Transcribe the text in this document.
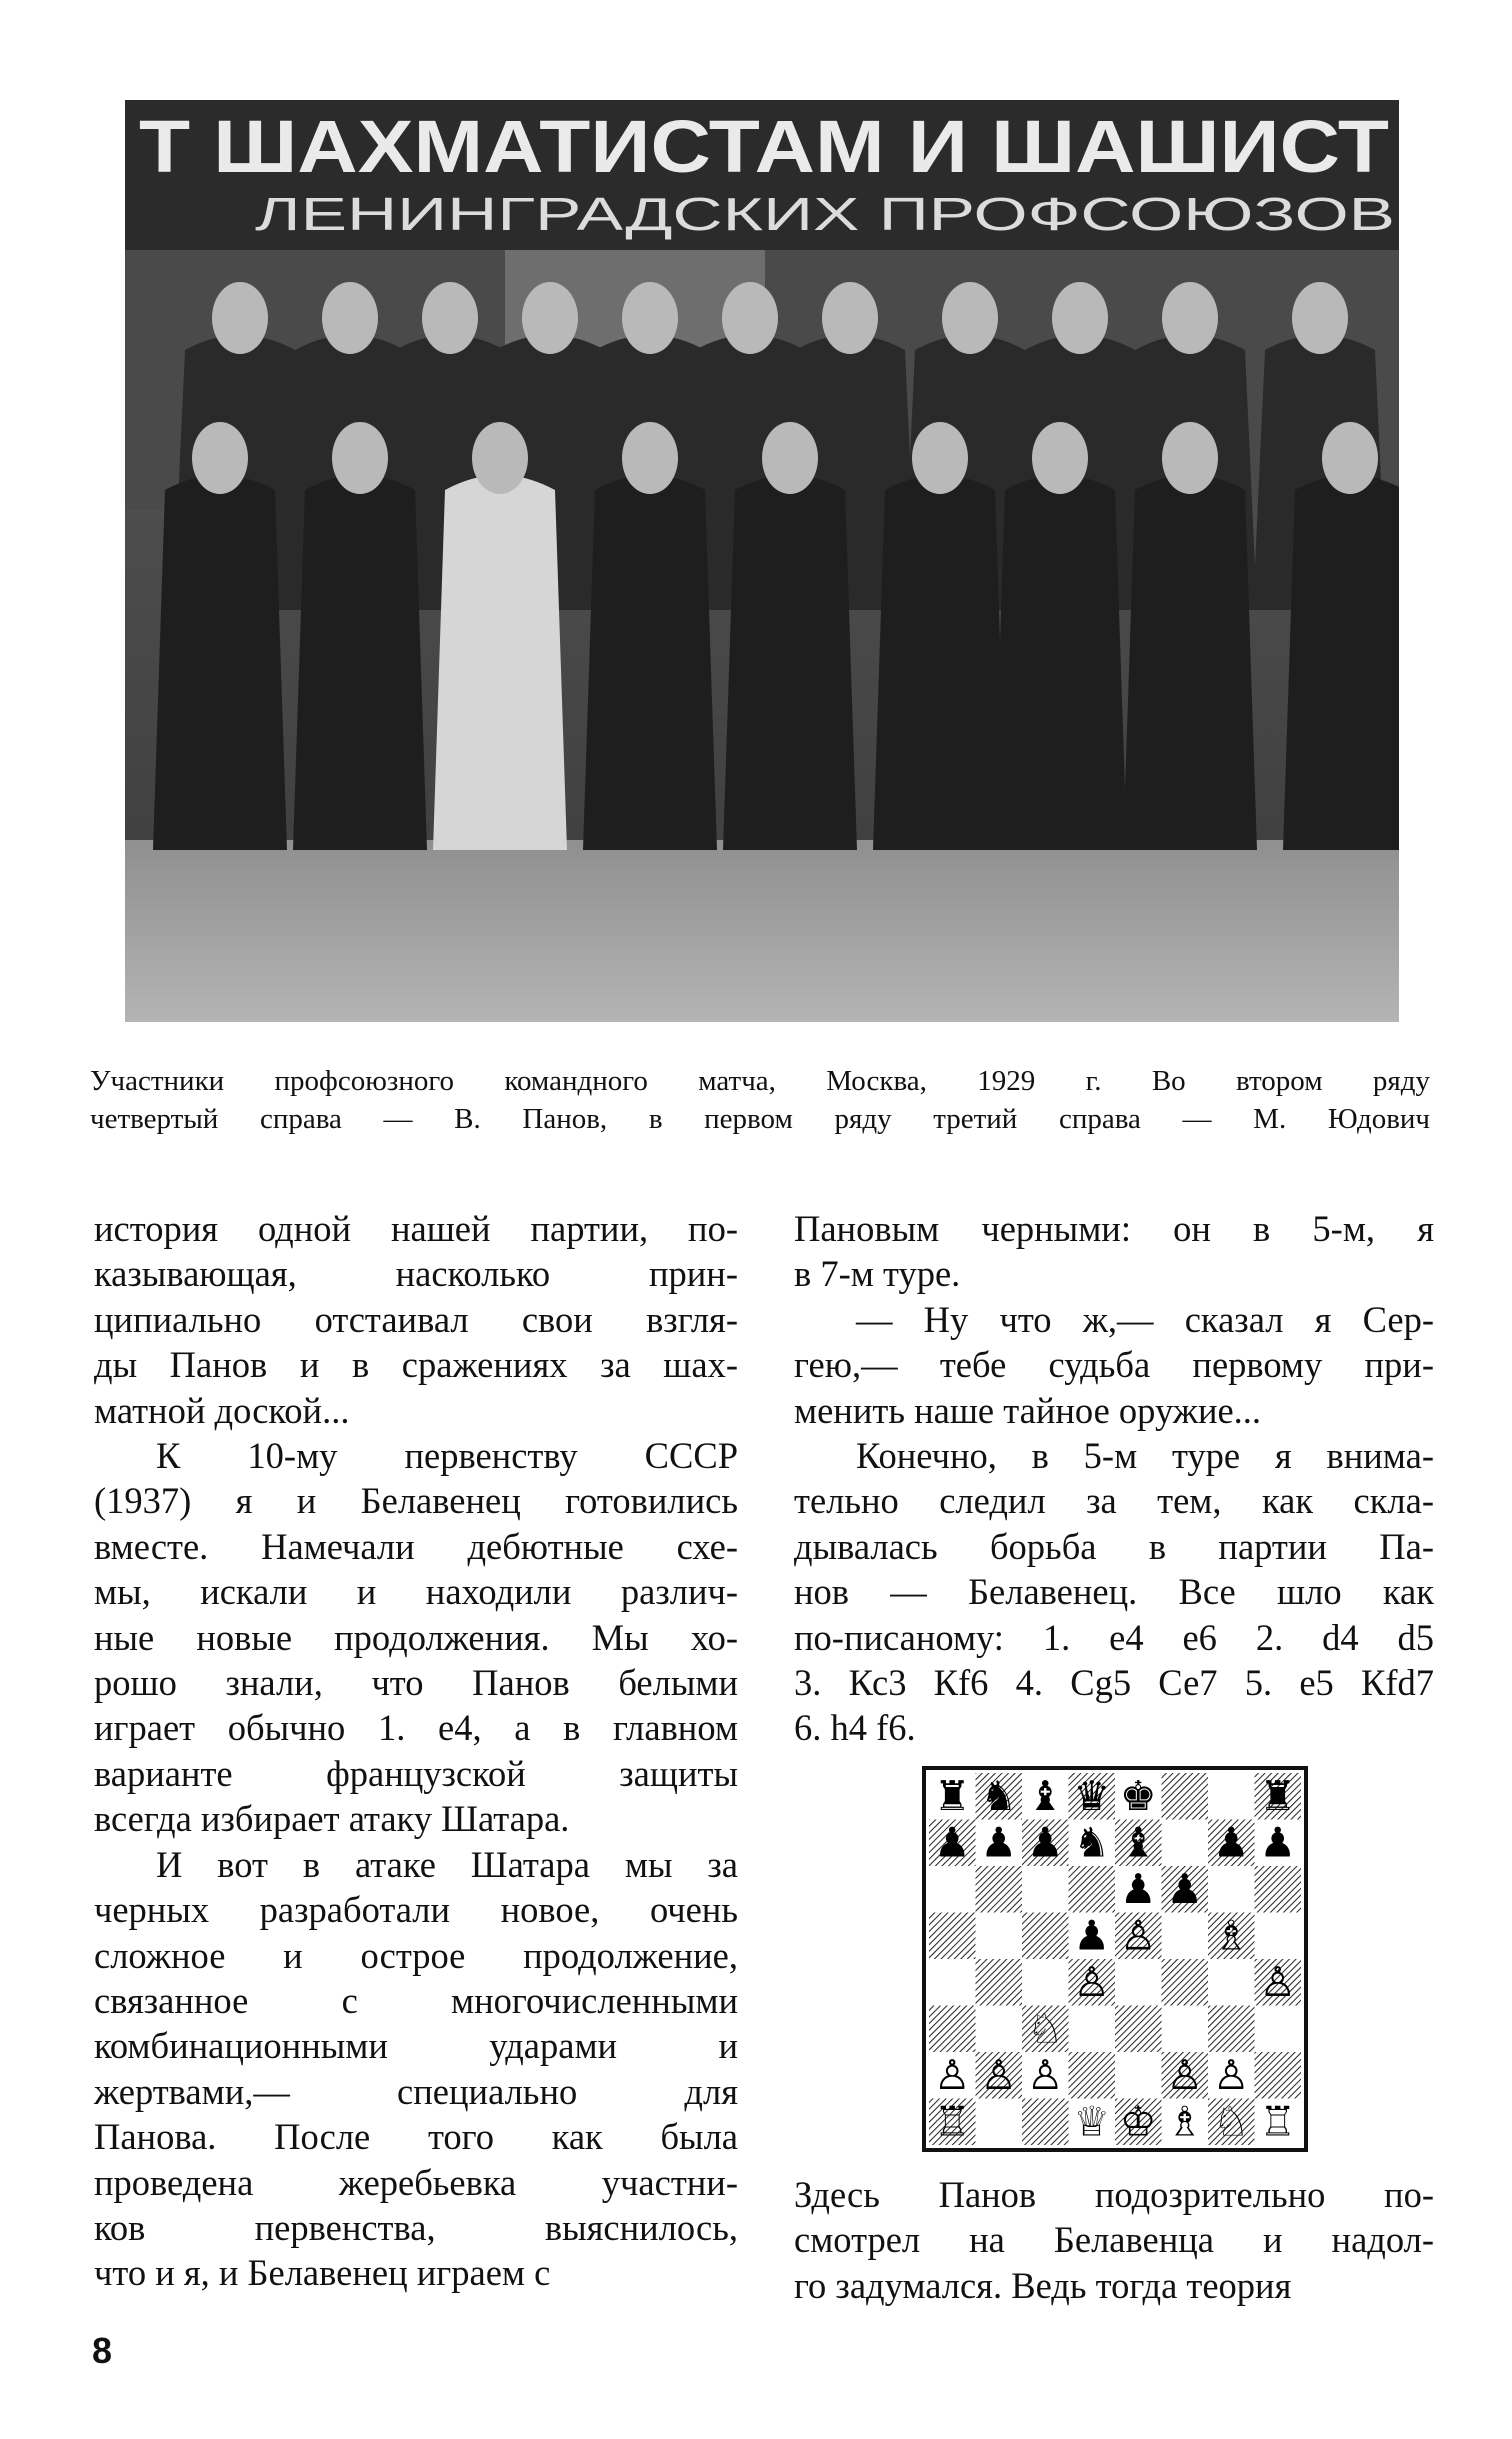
Т ШАХМАТИСТАМ И ШАШИСТ
ЛЕНИНГРАДСКИХ ПРОФСОЮЗОВ
Участники профсоюзного командного матча, Москва, 1929 г. Во втором ряду
четвертый справа — В. Панов, в первом ряду третий справа — М. Юдович
история одной нашей партии, по-
казывающая, насколько прин-
ципиально отстаивал свои взгля-
ды Панов и в сражениях за шах-
матной доской...
К 10-му первенству СССР
(1937) я и Белавенец готовились
вместе. Намечали дебютные схе-
мы, искали и находили различ-
ные новые продолжения. Мы хо-
рошо знали, что Панов белыми
играет обычно 1. е4, а в главном
варианте французской защиты
всегда избирает атаку Шатара.
И вот в атаке Шатара мы за
черных разработали новое, очень
сложное и острое продолжение,
связанное с многочисленными
комбинационными ударами и
жертвами,— специально для
Панова. После того как была
проведена жеребьевка участни-
ков первенства, выяснилось,
что и я, и Белавенец играем с
Пановым черными: он в 5-м, я
в 7-м туре.
— Ну что ж,— сказал я Сер-
гею,— тебе судьба первому при-
менить наше тайное оружие...
Конечно, в 5-м туре я внима-
тельно следил за тем, как скла-
дывалась борьба в партии Па-
нов — Белавенец. Все шло как
по-писаному: 1. е4 е6 2. d4 d5
3. Кс3 Кf6 4. Сg5 Се7 5. е5 Кfd7
6. h4 f6.
♜ ♞ ♝ ♛ ♚ ♜
♟ ♟ ♟ ♞ ♝ ♟ ♟
♟ ♟
♟ ♙ ♗
♙	♙
♘
♙ ♙ ♙ ♙ ♙
♖ ♕ ♔ ♗ ♘ ♖
Здесь Панов подозрительно по-
смотрел на Белавенца и надол-
го задумался. Ведь тогда теория
8
